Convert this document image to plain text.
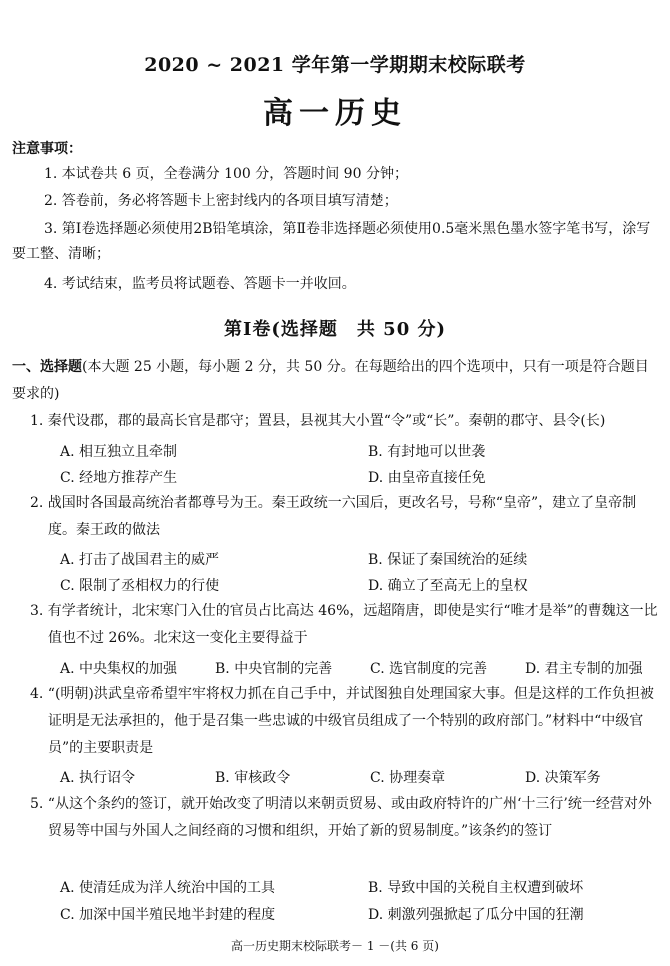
2020 ~ 2021 学年第一学期期末校际联考
高一历史
注意事项：
1. 本试卷共 6 页，全卷满分 100 分，答题时间 90 分钟；
2. 答卷前，务必将答题卡上密封线内的各项目填写清楚；
3. 第Ⅰ卷选择题必须使用2B铅笔填涂，第Ⅱ卷非选择题必须使用0.5毫米黑色墨水签字笔书写，涂写要工整、清晰；
4. 考试结束，监考员将试题卷、答题卡一并收回。
第Ⅰ卷(选择题　共 50 分)
一、选择题(本大题 25 小题，每小题 2 分，共 50 分。在每题给出的四个选项中，只有一项是符合题目要求的)
1. 秦代设郡，郡的最高长官是郡守；置县，县视其大小置“令”或“长”。秦朝的郡守、县令(长)
A. 相互独立且牵制	B. 有封地可以世袭
C. 经地方推荐产生	D. 由皇帝直接任免
2. 战国时各国最高统治者都尊号为王。秦王政统一六国后，更改名号，号称“皇帝”，建立了皇帝制度。秦王政的做法
A. 打击了战国君主的威严	B. 保证了秦国统治的延续
C. 限制了丞相权力的行使	D. 确立了至高无上的皇权
3. 有学者统计，北宋寒门入仕的官员占比高达 46%，远超隋唐，即使是实行“唯才是举”的曹魏这一比值也不过 26%。北宋这一变化主要得益于
A. 中央集权的加强	B. 中央官制的完善	C. 选官制度的完善	D. 君主专制的加强
4. “(明朝)洪武皇帝希望牢牢将权力抓在自己手中，并试图独自处理国家大事。但是这样的工作负担被证明是无法承担的，他于是召集一些忠诚的中级官员组成了一个特别的政府部门。”材料中“中级官员”的主要职责是
A. 执行诏令	B. 审核政令	C. 协理奏章	D. 决策军务
5. “从这个条约的签订，就开始改变了明清以来朝贡贸易、或由政府特许的广州‘十三行’统一经营对外贸易等中国与外国人之间经商的习惯和组织，开始了新的贸易制度。”该条约的签订
A. 使清廷成为洋人统治中国的工具	B. 导致中国的关税自主权遭到破坏
C. 加深中国半殖民地半封建的程度	D. 刺激列强掀起了瓜分中国的狂潮
高一历史期末校际联考－ 1 －(共 6 页)
